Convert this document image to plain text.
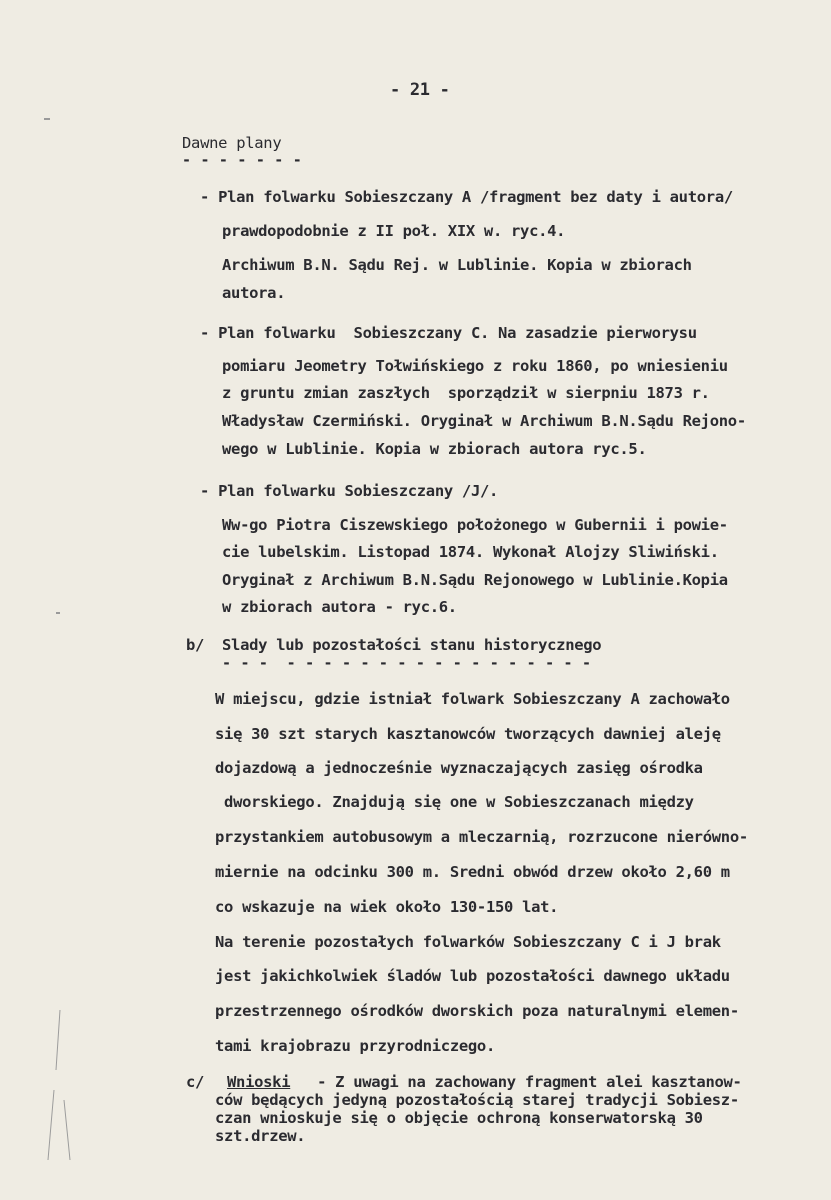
- 21 -
Dawne plany
- - - - - - -
- Plan folwarku Sobieszczany A /fragment bez daty i autora/
prawdopodobnie z II poł. XIX w. ryc.4.
Archiwum B.N. Sądu Rej. w Lublinie. Kopia w zbiorach
autora.
- Plan folwarku  Sobieszczany C. Na zasadzie pierworysu
pomiaru Jeometry Tołwińskiego z roku 1860, po wniesieniu
z gruntu zmian zaszłych  sporządził w sierpniu 1873 r.
Władysław Czermiński. Oryginał w Archiwum B.N.Sądu Rejono-
wego w Lublinie. Kopia w zbiorach autora ryc.5.
- Plan folwarku Sobieszczany /J/.
Ww-go Piotra Ciszewskiego położonego w Gubernii i powie-
cie lubelskim. Listopad 1874. Wykonał Alojzy Sliwiński.
Oryginał z Archiwum B.N.Sądu Rejonowego w Lublinie.Kopia
w zbiorach autora - ryc.6.
b/ Slady lub pozostałości stanu historycznego
- - -  - - - - - - - - - - - - - - - - -
W miejscu, gdzie istniał folwark Sobieszczany A zachowało
się 30 szt starych kasztanowców tworzących dawniej aleję
dojazdową a jednocześnie wyznaczających zasięg ośrodka
dworskiego. Znajdują się one w Sobieszczanach między
przystankiem autobusowym a mleczarnią, rozrzucone nierówno-
miernie na odcinku 300 m. Sredni obwód drzew około 2,60 m
co wskazuje na wiek około 130-150 lat.
Na terenie pozostałych folwarków Sobieszczany C i J brak
jest jakichkolwiek śladów lub pozostałości dawnego układu
przestrzennego ośrodków dworskich poza naturalnymi elemen-
tami krajobrazu przyrodniczego.
c/ Wnioski - Z uwagi na zachowany fragment alei kasztanow-
ców będących jedyną pozostałością starej tradycji Sobiesz-
czan wnioskuje się o objęcie ochroną konserwatorską 30
szt.drzew.
